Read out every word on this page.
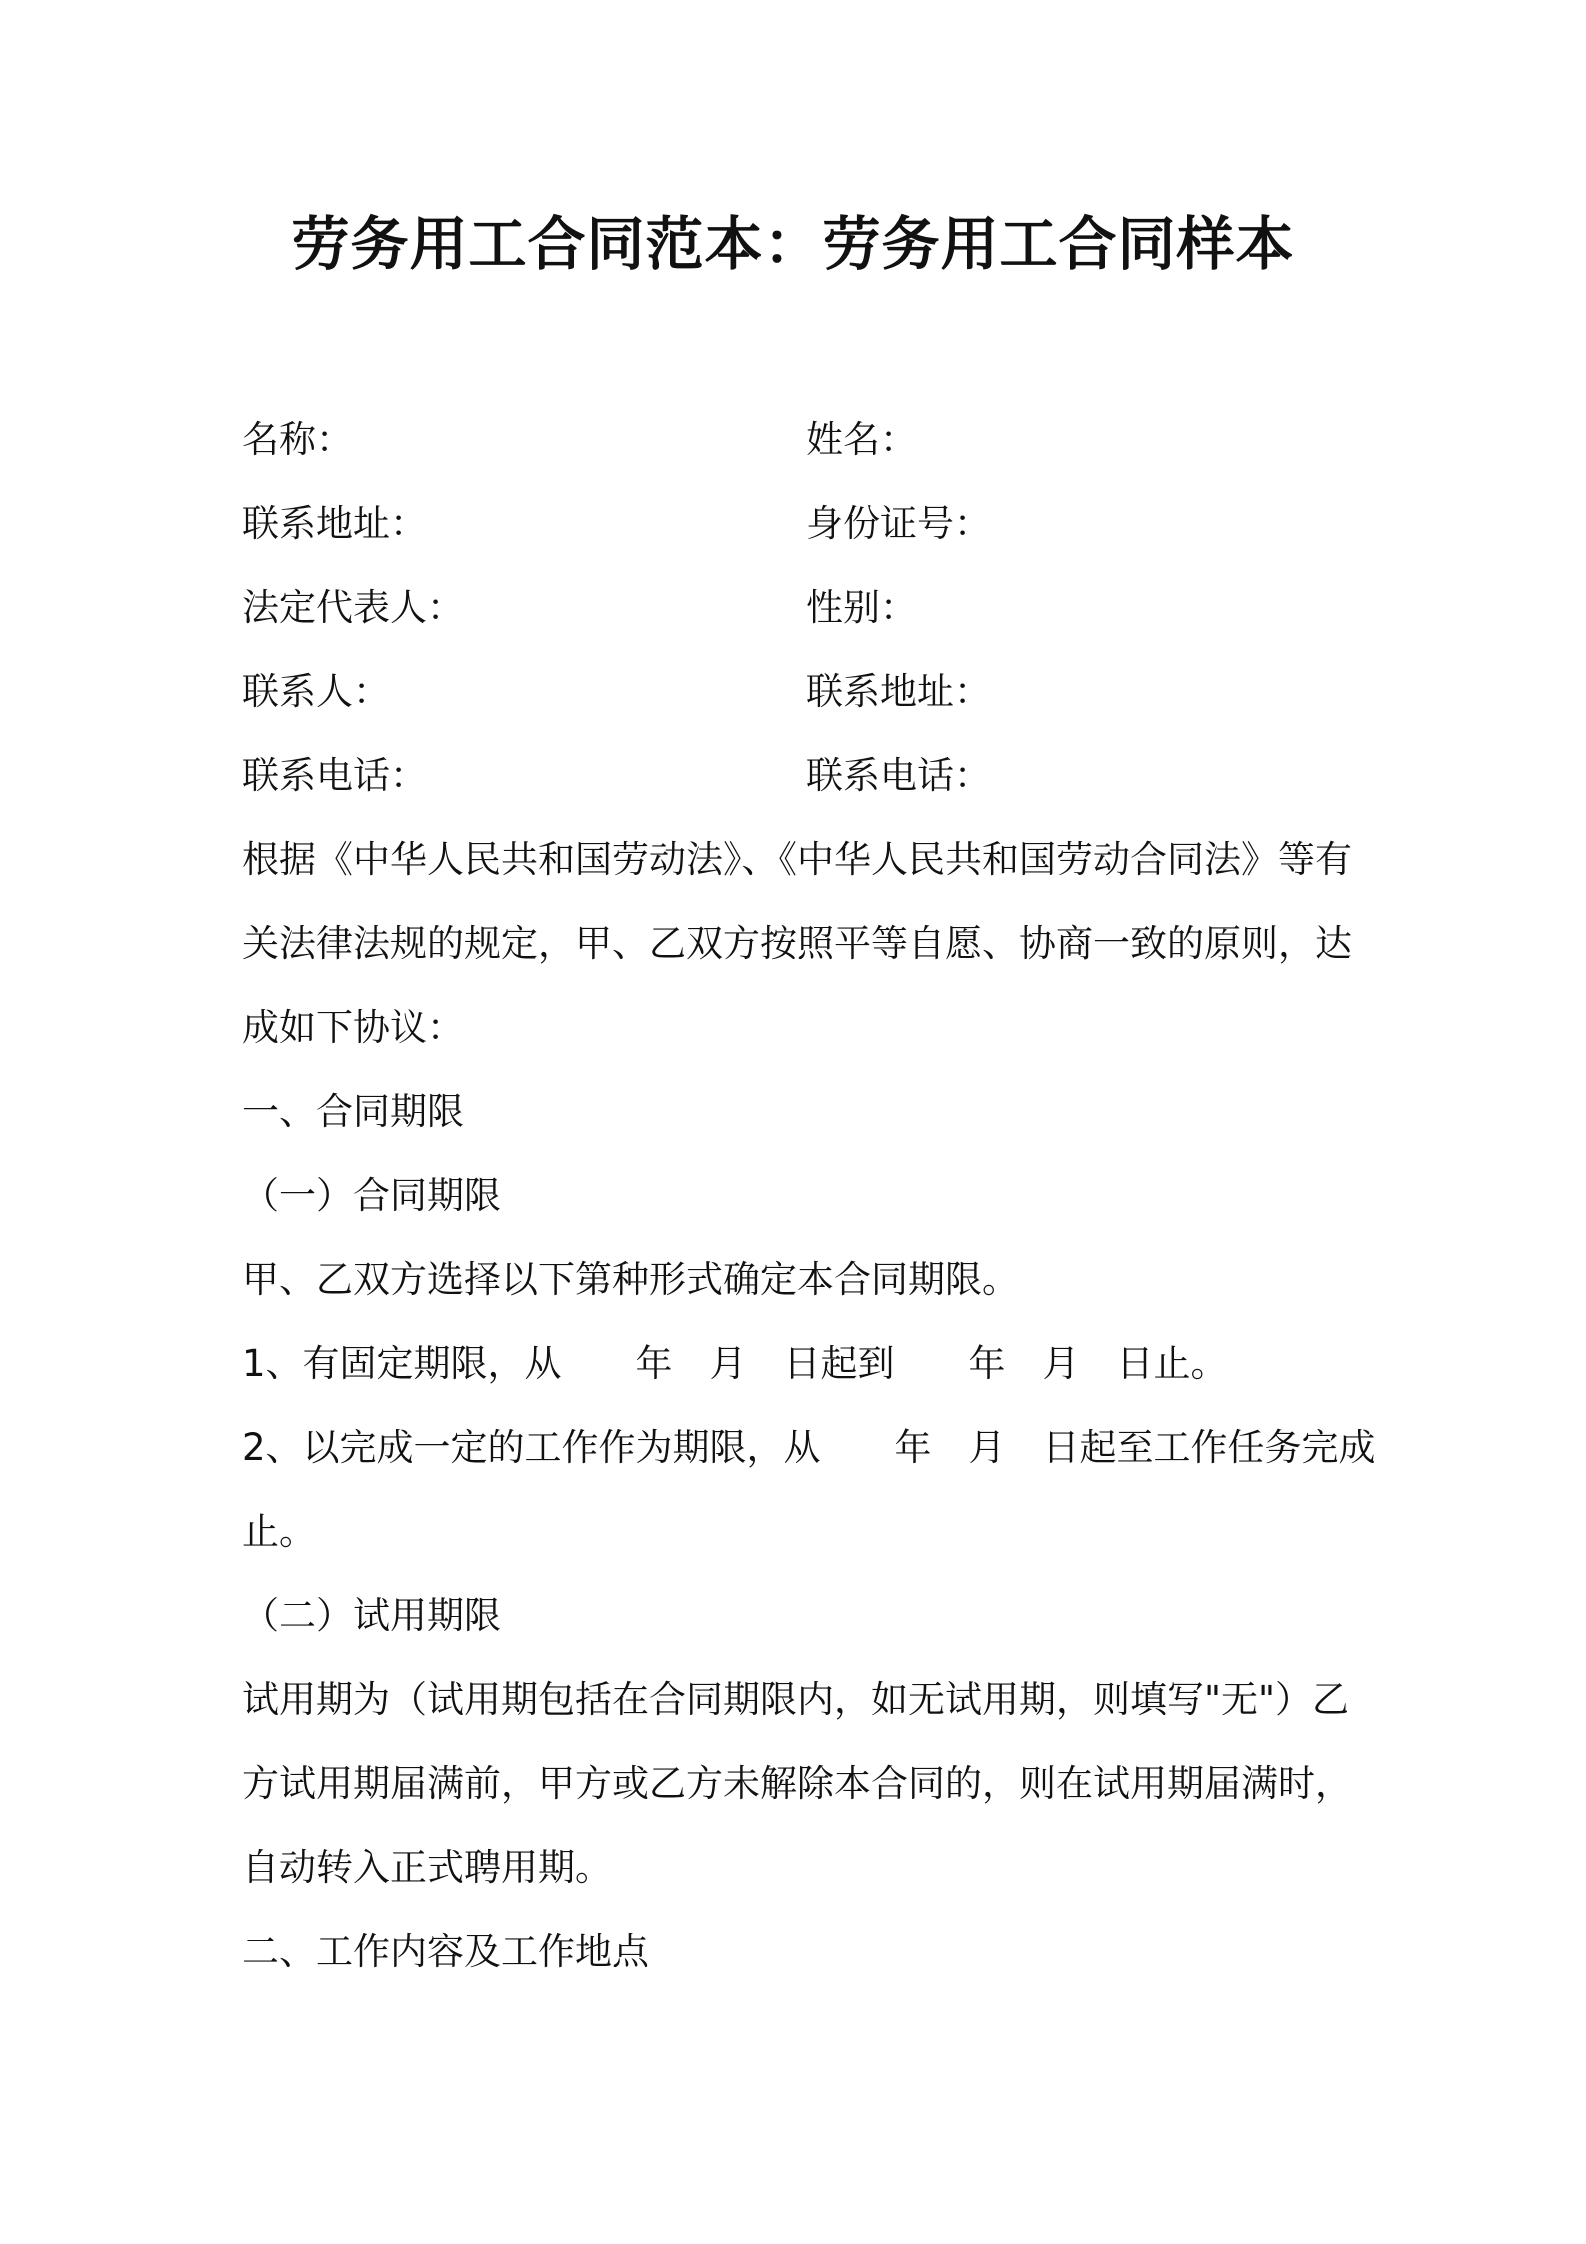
劳务用工合同范本：劳务用工合同样本
名称：	姓名：
联系地址：	身份证号：
法定代表人：	性别：
联系人：	联系地址：
联系电话：	联系电话：
根据《中华人民共和国劳动法》、《中华人民共和国劳动合同法》等有
关法律法规的规定，甲、乙双方按照平等自愿、协商一致的原则，达
成如下协议：
一、合同期限
（一）合同期限
甲、乙双方选择以下第种形式确定本合同期限。
1、有固定期限，从　　年　月　日起到　　年　月　日止。
2、以完成一定的工作作为期限，从　　年　月　日起至工作任务完成
止。
（二）试用期限
试用期为（试用期包括在合同期限内，如无试用期，则填写"无"）乙
方试用期届满前，甲方或乙方未解除本合同的，则在试用期届满时，
自动转入正式聘用期。
二、工作内容及工作地点
